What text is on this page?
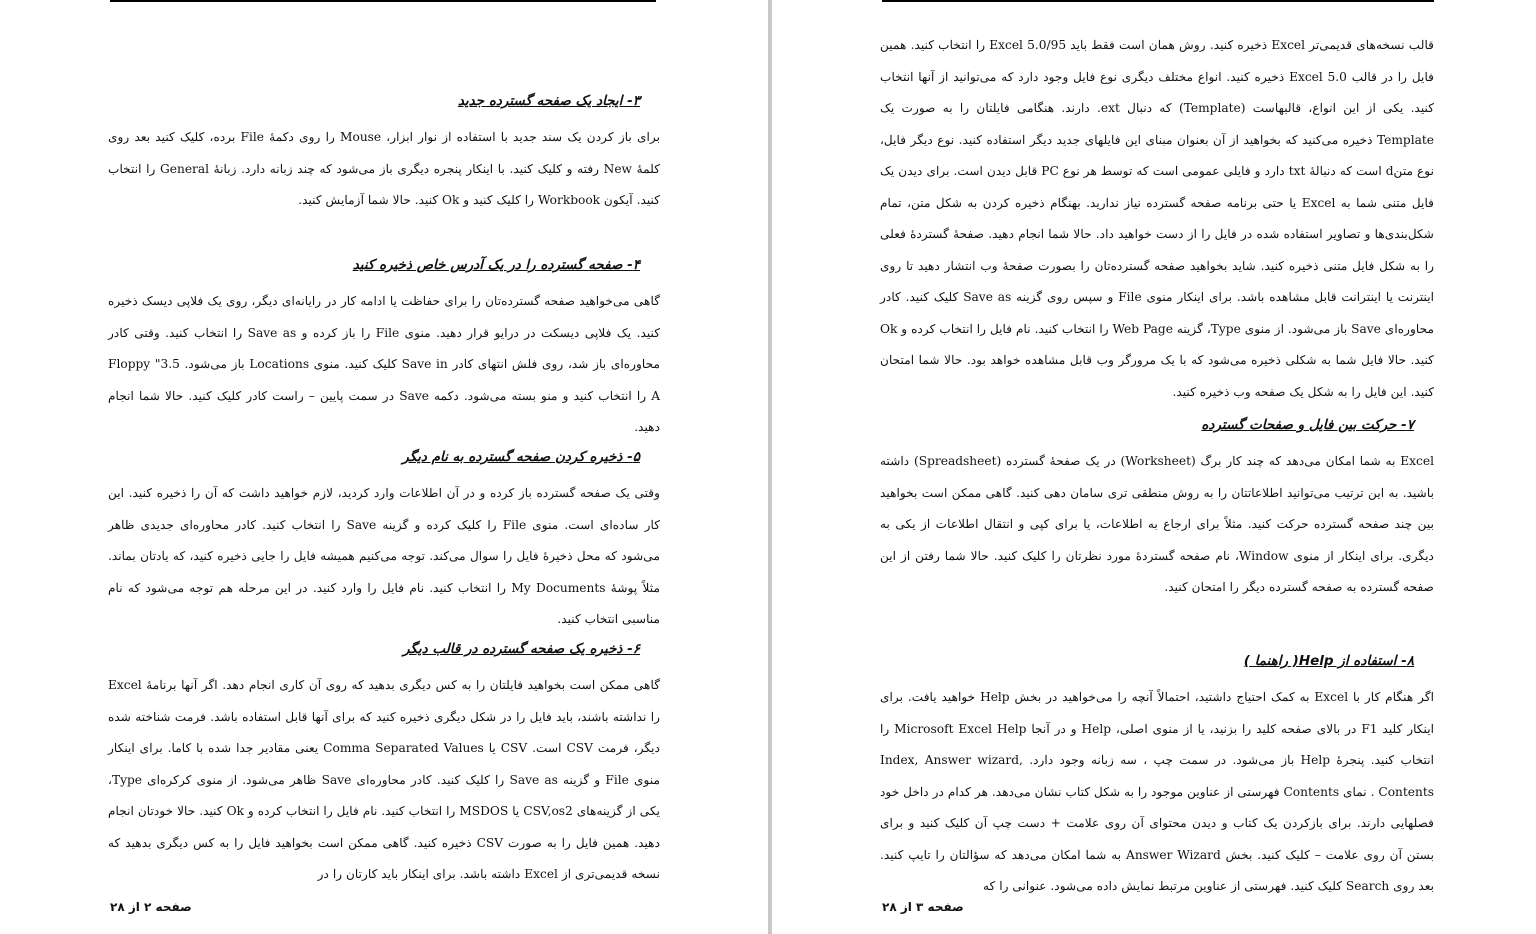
۳- ایجاد یک صفحه گسترده جدید

برای باز کردن یک سند جدید با استفاده از نوار ابزار، Mouse را روی دکمهٔ File برده، کلیک کنید بعد روی کلمهٔ New رفته و کلیک کنید. با اینکار پنجره دیگری باز می‌شود که چند زبانه دارد. زبانهٔ General را انتخاب کنید. آیکون Workbook را کلیک کنید و Ok کنید. حالا شما آزمایش کنید.

۴- صفحه گسترده را در یک آدرس خاص ذخیره کنید

گاهی می‌خواهید صفحه گسترده‌تان را برای حفاظت یا ادامه کار در رایانه‌ای دیگر، روی یک فلاپی دیسک ذخیره کنید. یک فلاپی دیسکت در درایو قرار دهید. منوی File را باز کرده و Save as را انتخاب کنید. وقتی کادر محاوره‌ای باز شد، روی فلش انتهای کادر Save in کلیک کنید. منوی Locations باز می‌شود. 3.5" Floppy A را انتخاب کنید و منو بسته می‌شود. دکمه Save در سمت پایین – راست کادر کلیک کنید. حالا شما انجام دهید.

۵- ذخیره کردن صفحه گسترده به نام دیگر

وقتی یک صفحه گسترده باز کرده و در آن اطلاعات وارد کردید، لازم خواهید داشت که آن را ذخیره کنید. این کار ساده‌ای است. منوی File را کلیک کرده و گزینه Save را انتخاب کنید. کادر محاوره‌ای جدیدی ظاهر می‌شود که محل ذخیرهٔ فایل را سوال می‌کند. توجه می‌کنیم همیشه فایل را جایی ذخیره کنید، که یادتان بماند. مثلاً پوشهٔ My Documents را انتخاب کنید. نام فایل را وارد کنید. در این مرحله هم توجه می‌شود که نام مناسبی انتخاب کنید.

۶- ذخیره یک صفحه گسترده در قالب دیگر

گاهی ممکن است بخواهید فایلتان را به کس دیگری بدهید که روی آن کاری انجام دهد. اگر آنها برنامهٔ Excel را نداشته باشند، باید فایل را در شکل دیگری ذخیره کنید که برای آنها قابل استفاده باشد. فرمت شناخته شده دیگر، فرمت CSV است. CSV یا Comma Separated Values یعنی مقادیر جدا شده با کاما. برای اینکار منوی File و گزینه Save as را کلیک کنید. کادر محاوره‌ای Save ظاهر می‌شود. از منوی کرکره‌ای Type، یکی از گزینه‌های CSV,os2 یا MSDOS را انتخاب کنید. نام فایل را انتخاب کرده و Ok کنید. حالا خودتان انجام دهید. همین فایل را به صورت CSV ذخیره کنید. گاهی ممکن است بخواهید فایل را به کس دیگری بدهید که نسخه قدیمی‌تری از Excel داشته باشد. برای اینکار باید کارتان را در

صفحه ۲ از ۲۸

قالب نسخه‌های قدیمی‌تر Excel ذخیره کنید. روش همان است فقط باید Excel 5.0/95 را انتخاب کنید. همین فایل را در قالب Excel 5.0 ذخیره کنید. انواع مختلف دیگری نوع فایل وجود دارد که می‌توانید از آنها انتخاب کنید. یکی از این انواع، قالبهاست (Template) که دنبال ext. دارند. هنگامی فایلتان را به صورت یک Template ذخیره می‌کنید که بخواهید از آن بعنوان مبنای این فایلهای جدید دیگر استفاده کنید. نوع دیگر فایل، نوع متنd است که دنبالهٔ txt دارد و فایلی عمومی است که توسط هر نوع PC قابل دیدن است. برای دیدن یک فایل متنی شما به Excel یا حتی برنامه صفحه گسترده نیاز ندارید. بهنگام ذخیره کردن به شکل متن، تمام شکل‌بندی‌ها و تصاویر استفاده شده در فایل را از دست خواهید داد. حالا شما انجام دهید. صفحهٔ گستردهٔ فعلی را به شکل فایل متنی ذخیره کنید. شاید بخواهید صفحه گسترده‌تان را بصورت صفحهٔ وب انتشار دهید تا روی اینترنت یا اینترانت قابل مشاهده باشد. برای اینکار منوی File و سپس روی گزینه Save as کلیک کنید. کادر محاوره‌ای Save باز می‌شود. از منوی Type، گزینه Web Page را انتخاب کنید. نام فایل را انتخاب کرده و Ok کنید. حالا فایل شما به شکلی ذخیره می‌شود که با یک مرورگر وب قابل مشاهده خواهد بود. حالا شما امتحان کنید. این فایل را به شکل یک صفحه وب ذخیره کنید.

۷- حرکت بین فایل و صفحات گسترده

Excel به شما امکان می‌دهد که چند کار برگ (Worksheet) در یک صفحهٔ گسترده (Spreadsheet) داشته باشید. به این ترتیب می‌توانید اطلاعاتتان را به روش منطقی تری سامان دهی کنید. گاهی ممکن است بخواهید بین چند صفحه گسترده حرکت کنید. مثلاً برای ارجاع به اطلاعات، یا برای کپی و انتقال اطلاعات از یکی به دیگری. برای اینکار از منوی Window، نام صفحه گستردهٔ مورد نظرتان را کلیک کنید. حالا شما رفتن از این صفحه گسترده به صفحه گسترده دیگر را امتحان کنید.

۸- استفاده از Help( راهنما )

اگر هنگام کار با Excel به کمک احتیاج داشتید، احتمالاً آنچه را می‌خواهید در بخش Help خواهید یافت. برای اینکار کلید F1 در بالای صفحه کلید را بزنید، یا از منوی اصلی، Help و در آنجا Microsoft Excel Help را انتخاب کنید. پنجرهٔ Help باز می‌شود. در سمت چپ ، سه زبانه وجود دارد. Index, Answer wizard, Contents . نمای Contents فهرستی از عناوین موجود را به شکل کتاب نشان می‌دهد. هر کدام در داخل خود فصلهایی دارند. برای بازکردن یک کتاب و دیدن محتوای آن روی علامت + دست چپ آن کلیک کنید و برای بستن آن روی علامت – کلیک کنید. بخش Answer Wizard به شما امکان می‌دهد که سؤالتان را تایپ کنید. بعد روی Search کلیک کنید. فهرستی از عناوین مرتبط نمایش داده می‌شود. عنوانی را که

صفحه ۳ از ۲۸
